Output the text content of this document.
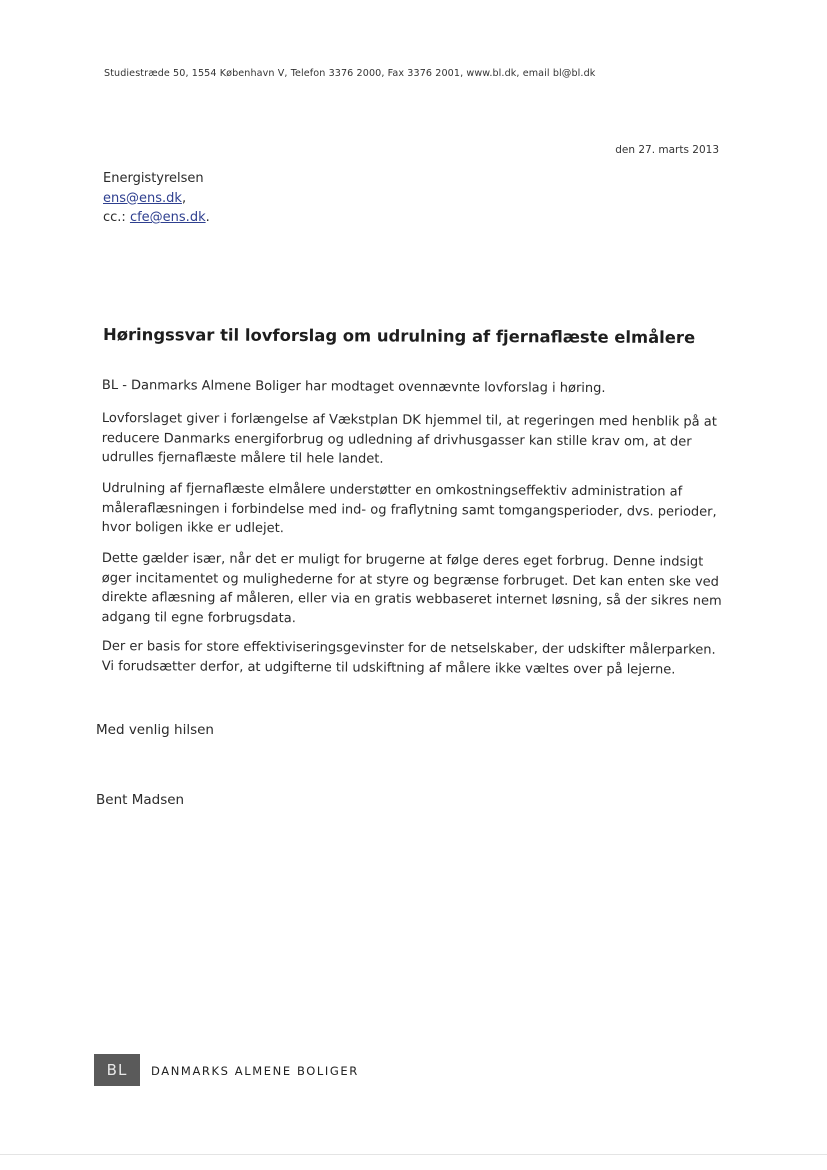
Studiestræde 50, 1554 København V, Telefon 3376 2000, Fax 3376 2001, www.bl.dk, email bl@bl.dk
den 27. marts 2013
Energistyrelsen
ens@ens.dk,
cc.: cfe@ens.dk.
Høringssvar til lovforslag om udrulning af fjernaflæste elmålere
BL - Danmarks Almene Boliger har modtaget ovennævnte lovforslag i høring.
Lovforslaget giver i forlængelse af Vækstplan DK hjemmel til, at regeringen med henblik på at reducere Danmarks energiforbrug og udledning af drivhusgasser kan stille krav om, at der udrulles fjernaflæste målere til hele landet.
Udrulning af fjernaflæste elmålere understøtter en omkostningseffektiv administration af måleraflæsningen i forbindelse med ind- og fraflytning samt tomgangsperioder, dvs. perioder, hvor boligen ikke er udlejet.
Dette gælder især, når det er muligt for brugerne at følge deres eget forbrug. Denne indsigt øger incitamentet og mulighederne for at styre og begrænse forbruget. Det kan enten ske ved direkte aflæsning af måleren, eller via en gratis webbaseret internet løsning, så der sikres nem adgang til egne forbrugsdata.
Der er basis for store effektiviseringsgevinster for de netselskaber, der udskifter målerparken. Vi forudsætter derfor, at udgifterne til udskiftning af målere ikke væltes over på lejerne.
Med venlig hilsen
Bent Madsen
BL	DANMARKS ALMENE BOLIGER
